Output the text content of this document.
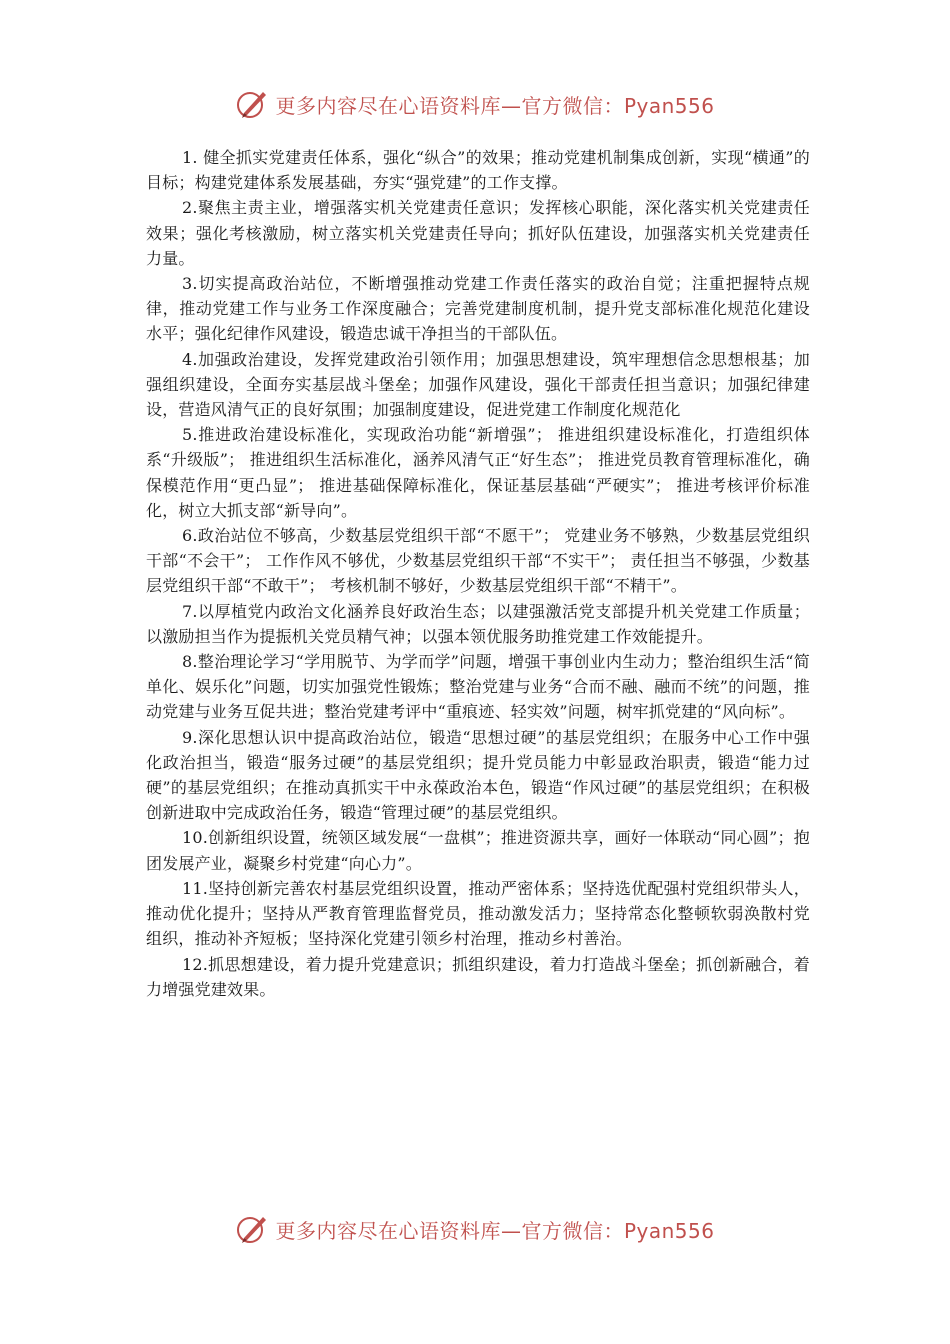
更多内容尽在心语资料库—官方微信：Pyan556

1. 健全抓实党建责任体系，强化“纵合”的效果；推动党建机制集成创新，实现“横通”的目标；构建党建体系发展基础，夯实“强党建”的工作支撑。

2.聚焦主责主业，增强落实机关党建责任意识；发挥核心职能，深化落实机关党建责任效果；强化考核激励，树立落实机关党建责任导向；抓好队伍建设，加强落实机关党建责任力量。

3.切实提高政治站位，不断增强推动党建工作责任落实的政治自觉；注重把握特点规律，推动党建工作与业务工作深度融合；完善党建制度机制，提升党支部标准化规范化建设水平；强化纪律作风建设，锻造忠诚干净担当的干部队伍。

4.加强政治建设，发挥党建政治引领作用；加强思想建设，筑牢理想信念思想根基；加强组织建设，全面夯实基层战斗堡垒；加强作风建设，强化干部责任担当意识；加强纪律建设，营造风清气正的良好氛围；加强制度建设，促进党建工作制度化规范化

5.推进政治建设标准化，实现政治功能“新增强”； 推进组织建设标准化，打造组织体系“升级版”； 推进组织生活标准化，涵养风清气正“好生态”； 推进党员教育管理标准化，确保模范作用“更凸显”； 推进基础保障标准化，保证基层基础“严硬实”； 推进考核评价标准化，树立大抓支部“新导向”。

6.政治站位不够高，少数基层党组织干部“不愿干”； 党建业务不够熟，少数基层党组织干部“不会干”； 工作作风不够优，少数基层党组织干部“不实干”； 责任担当不够强，少数基层党组织干部“不敢干”； 考核机制不够好，少数基层党组织干部“不精干”。

7.以厚植党内政治文化涵养良好政治生态；以建强激活党支部提升机关党建工作质量；以激励担当作为提振机关党员精气神；以强本领优服务助推党建工作效能提升。

8.整治理论学习“学用脱节、为学而学”问题，增强干事创业内生动力；整治组织生活“简单化、娱乐化”问题，切实加强党性锻炼；整治党建与业务“合而不融、融而不统”的问题，推动党建与业务互促共进；整治党建考评中“重痕迹、轻实效”问题，树牢抓党建的“风向标”。

9.深化思想认识中提高政治站位，锻造“思想过硬”的基层党组织；在服务中心工作中强化政治担当，锻造“服务过硬”的基层党组织；提升党员能力中彰显政治职责，锻造“能力过硬”的基层党组织；在推动真抓实干中永葆政治本色，锻造“作风过硬”的基层党组织；在积极创新进取中完成政治任务，锻造“管理过硬”的基层党组织。

10.创新组织设置，统领区域发展“一盘棋”；推进资源共享，画好一体联动“同心圆”；抱团发展产业，凝聚乡村党建“向心力”。

11.坚持创新完善农村基层党组织设置，推动严密体系；坚持选优配强村党组织带头人，推动优化提升；坚持从严教育管理监督党员，推动激发活力；坚持常态化整顿软弱涣散村党组织，推动补齐短板；坚持深化党建引领乡村治理，推动乡村善治。

12.抓思想建设，着力提升党建意识；抓组织建设，着力打造战斗堡垒；抓创新融合，着力增强党建效果。

更多内容尽在心语资料库—官方微信：Pyan556
